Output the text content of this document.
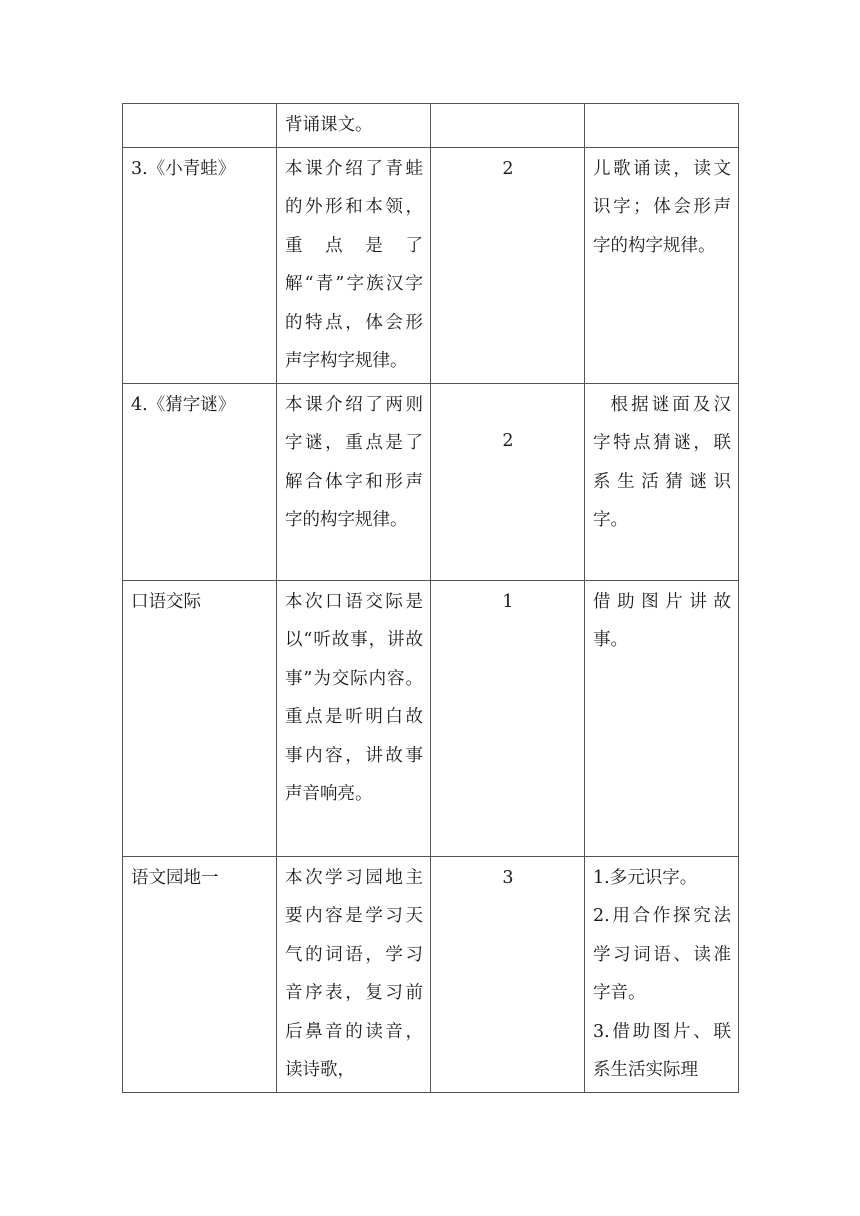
	背诵课文。		
3.《小青蛙》	本课介绍了青蛙的外形和本领，重点是了解“青”字族汉字的特点，体会形声字构字规律。	2	儿歌诵读，读文识字；体会形声字的构字规律。
4.《猜字谜》	本课介绍了两则字谜，重点是了解合体字和形声字的构字规律。	2	根据谜面及汉字特点猜谜，联系生活猜谜识字。
口语交际	本次口语交际是以“听故事，讲故事”为交际内容。重点是听明白故事内容，讲故事声音响亮。	1	借助图片讲故事。
语文园地一	本次学习园地主要内容是学习天气的词语，学习音序表，复习前后鼻音的读音，读诗歌，	3	1.多元识字。
2.用合作探究法学习词语、读准字音。
3.借助图片、联系生活实际理
